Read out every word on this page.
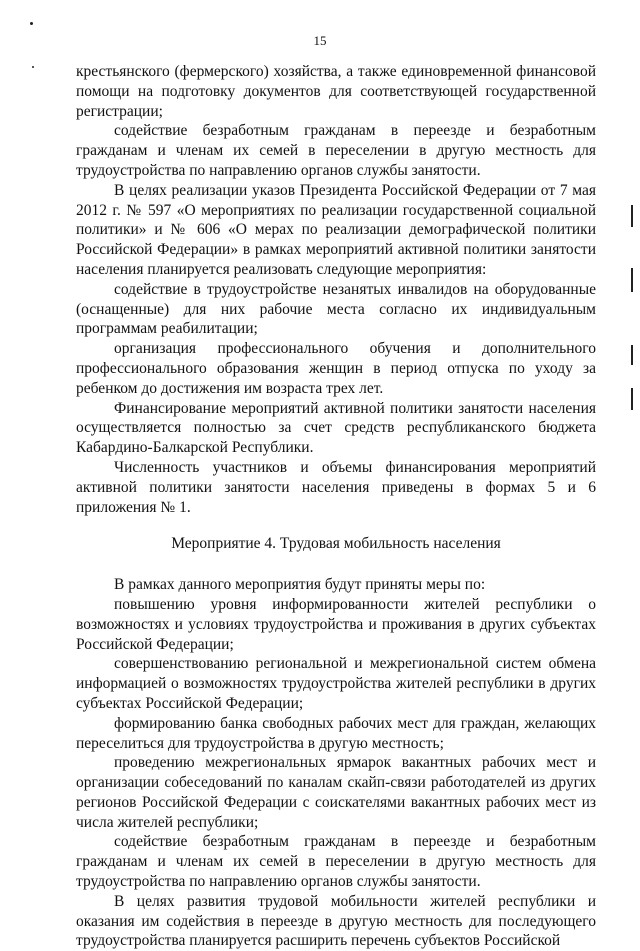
15

крестьянского (фермерского) хозяйства, а также единовременной финансовой помощи на подготовку документов для соответствующей государственной регистрации;

содействие безработным гражданам в переезде и безработным гражданам и членам их семей в переселении в другую местность для трудоустройства по направлению органов службы занятости.

В целях реализации указов Президента Российской Федерации от 7 мая 2012 г. № 597 «О мероприятиях по реализации государственной социальной политики» и № 606 «О мерах по реализации демографической политики Российской Федерации» в рамках мероприятий активной политики занятости населения планируется реализовать следующие мероприятия:

содействие в трудоустройстве незанятых инвалидов на оборудованные (оснащенные) для них рабочие места согласно их индивидуальным программам реабилитации;

организация профессионального обучения и дополнительного профессионального образования женщин в период отпуска по уходу за ребенком до достижения им возраста трех лет.

Финансирование мероприятий активной политики занятости населения осуществляется полностью за счет средств республиканского бюджета Кабардино-Балкарской Республики.

Численность участников и объемы финансирования мероприятий активной политики занятости населения приведены в формах 5 и 6 приложения № 1.

Мероприятие 4. Трудовая мобильность населения

В рамках данного мероприятия будут приняты меры по:

повышению уровня информированности жителей республики о возможностях и условиях трудоустройства и проживания в других субъектах Российской Федерации;

совершенствованию региональной и межрегиональной систем обмена информацией о возможностях трудоустройства жителей республики в других субъектах Российской Федерации;

формированию банка свободных рабочих мест для граждан, желающих переселиться для трудоустройства в другую местность;

проведению межрегиональных ярмарок вакантных рабочих мест и организации собеседований по каналам скайп-связи работодателей из других регионов Российской Федерации с соискателями вакантных рабочих мест из числа жителей республики;

содействие безработным гражданам в переезде и безработным гражданам и членам их семей в переселении в другую местность для трудоустройства по направлению органов службы занятости.

В целях развития трудовой мобильности жителей республики и оказания им содействия в переезде в другую местность для последующего трудоустройства планируется расширить перечень субъектов Российской
